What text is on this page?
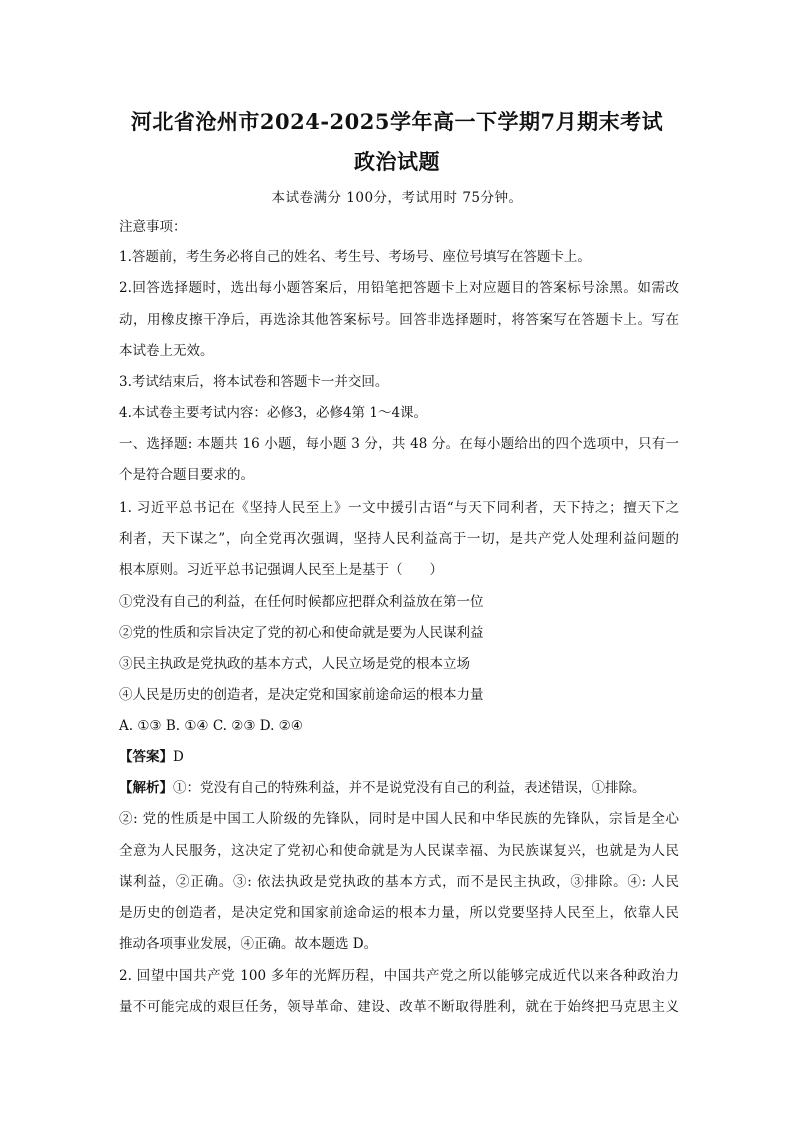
河北省沧州市2024-2025学年高一下学期7月期末考试
政治试题
本试卷满分 100分，考试用时 75分钟。
注意事项：
1.答题前，考生务必将自己的姓名、考生号、考场号、座位号填写在答题卡上。
2.回答选择题时，选出每小题答案后，用铅笔把答题卡上对应题目的答案标号涂黑。如需改
动，用橡皮擦干净后，再选涂其他答案标号。回答非选择题时，将答案写在答题卡上。写在
本试卷上无效。
3.考试结束后，将本试卷和答题卡一并交回。
4.本试卷主要考试内容：必修3，必修4第 1～4课。
一、选择题: 本题共 16 小题，每小题 3 分，共 48 分。在每小题给出的四个选项中，只有一
个是符合题目要求的。
1. 习近平总书记在《坚持人民至上》一文中援引古语“与天下同利者，天下持之；擅天下之
利者，天下谋之”，向全党再次强调，坚持人民利益高于一切，是共产党人处理利益问题的
根本原则。习近平总书记强调人民至上是基于（　　）
①党没有自己的利益，在任何时候都应把群众利益放在第一位
②党的性质和宗旨决定了党的初心和使命就是要为人民谋利益
③民主执政是党执政的基本方式，人民立场是党的根本立场
④人民是历史的创造者，是决定党和国家前途命运的根本力量
A. ①③ B. ①④ C. ②③ D. ②④
【答案】D
【解析】①：党没有自己的特殊利益，并不是说党没有自己的利益，表述错误，①排除。
②: 党的性质是中国工人阶级的先锋队，同时是中国人民和中华民族的先锋队，宗旨是全心
全意为人民服务，这决定了党初心和使命就是为人民谋幸福、为民族谋复兴，也就是为人民
谋利益，②正确。③: 依法执政是党执政的基本方式，而不是民主执政，③排除。④: 人民
是历史的创造者，是决定党和国家前途命运的根本力量，所以党要坚持人民至上，依靠人民
推动各项事业发展，④正确。故本题选 D。
2. 回望中国共产党 100 多年的光辉历程，中国共产党之所以能够完成近代以来各种政治力
量不可能完成的艰巨任务，领导革命、建设、改革不断取得胜利，就在于始终把马克思主义
